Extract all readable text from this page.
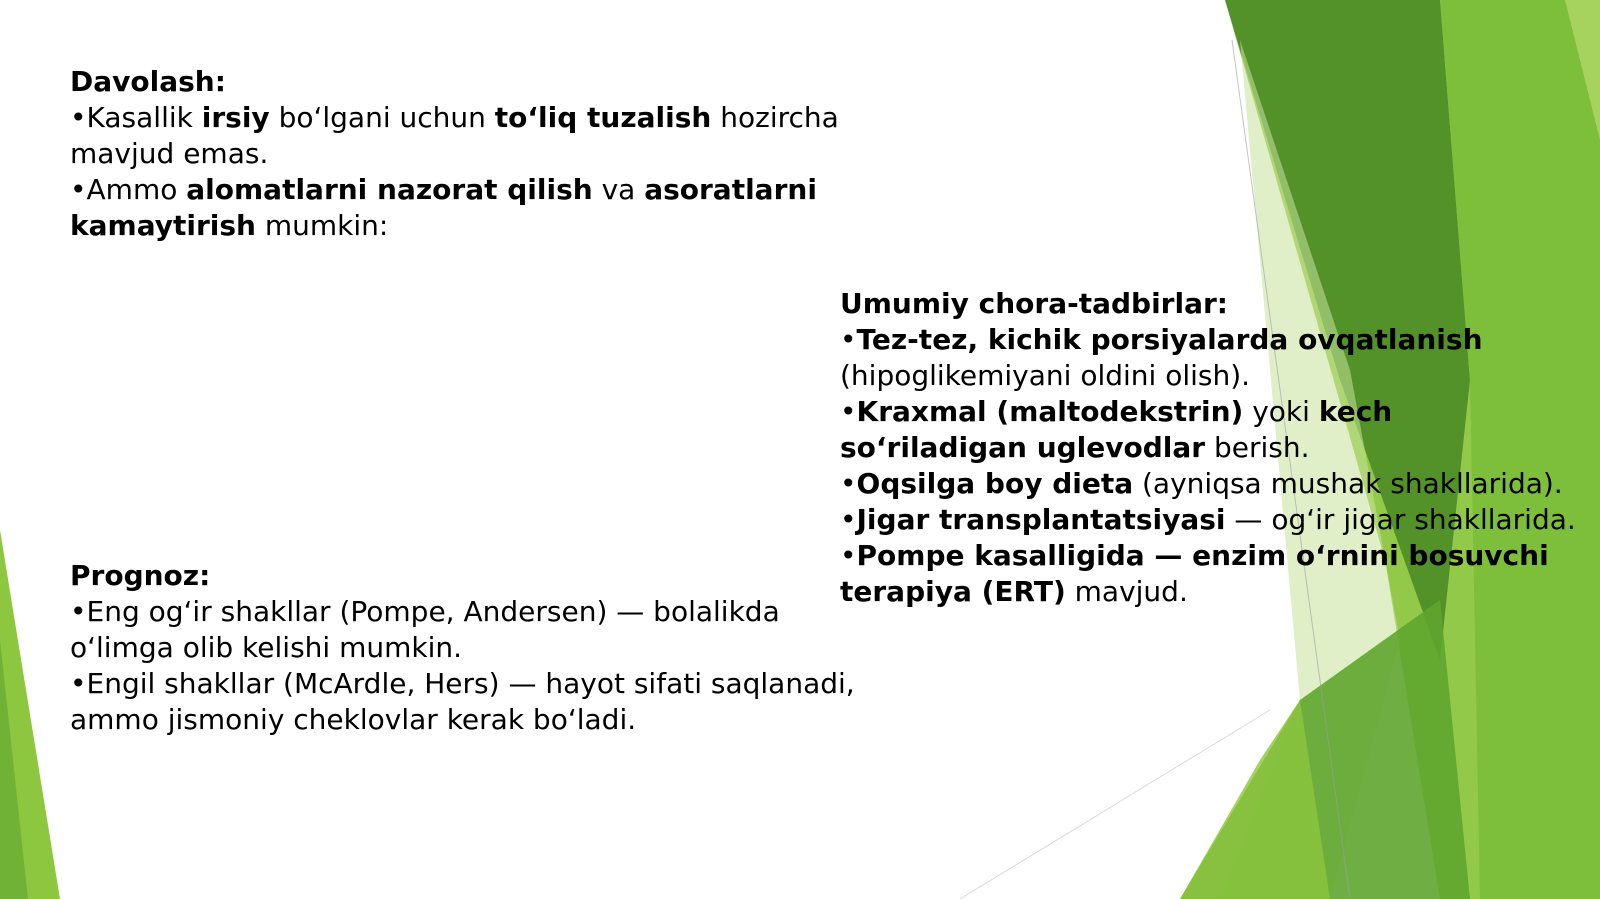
Davolash:

•Kasallik irsiy bo‘lgani uchun to‘liq tuzalish hozircha mavjud emas.

•Ammo alomatlarni nazorat qilish va asoratlarni kamaytirish mumkin:

Umumiy chora-tadbirlar:

•Tez-tez, kichik porsiyalarda ovqatlanish (hipoglikemiyani oldini olish).

•Kraxmal (maltodekstrin) yoki kech so‘riladigan uglevodlar berish.

•Oqsilga boy dieta (ayniqsa mushak shakllarida).

•Jigar transplantatsiyasi — og‘ir jigar shakllarida.

•Pompe kasalligida — enzim o‘rnini bosuvchi terapiya (ERT) mavjud.

Prognoz:

•Eng og‘ir shakllar (Pompe, Andersen) — bolalikda o‘limga olib kelishi mumkin.

•Engil shakllar (McArdle, Hers) — hayot sifati saqlanadi, ammo jismoniy cheklovlar kerak bo‘ladi.
